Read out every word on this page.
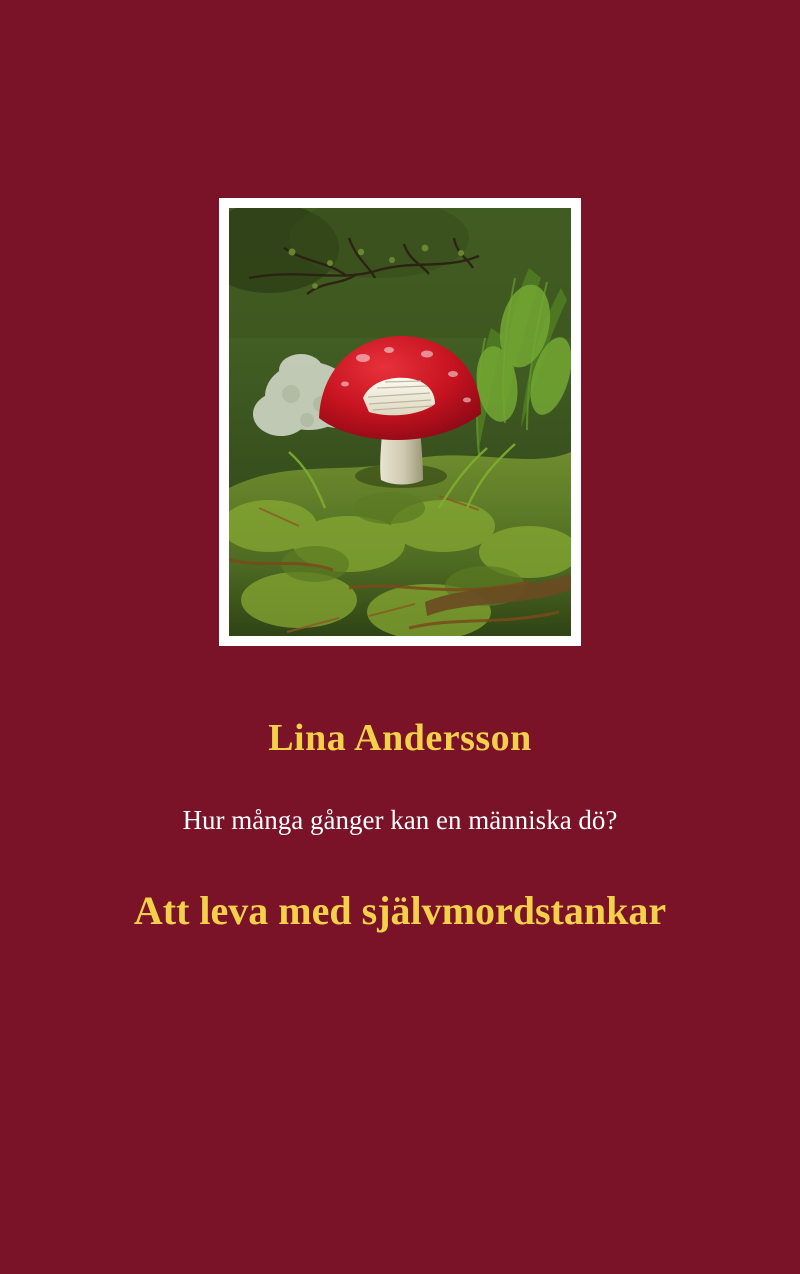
Lina Andersson
Hur många gånger kan en människa dö?
Att leva med självmordstankar
